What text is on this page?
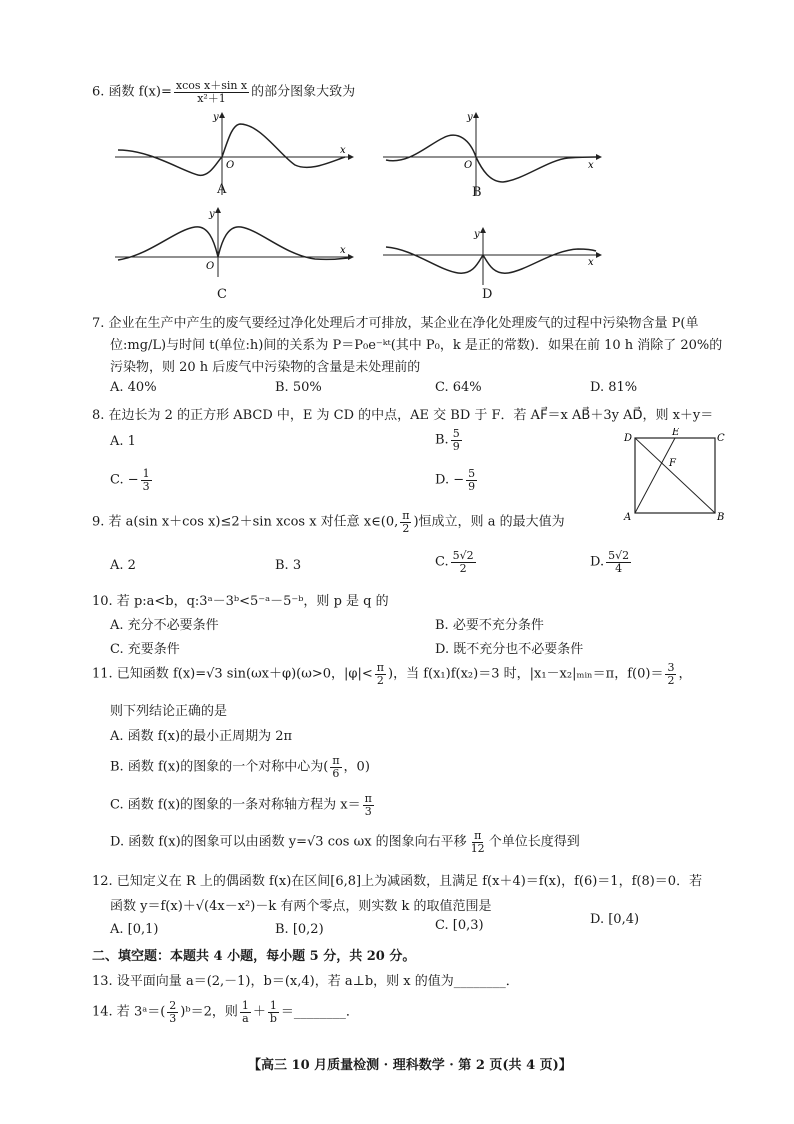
6. 函数 $f(x)= \frac{\text{xcos x＋sin x}}{\text{x²＋1}}$ 的部分图象大致为
y
x
O
A
y
x
O
B
y
x
O
C
y
x
D
7. 企业在生产中产生的废气要经过净化处理后才可排放，某企业在净化处理废气的过程中污染物含量 P(单
位:mg/L)与时间 t(单位:h)间的关系为 P＝P₀e⁻ᵏᵗ(其中 P₀，k 是正的常数)．如果在前 10 h 消除了 20%的
污染物，则 20 h 后废气中污染物的含量是未处理前的
A. 40%	B. 50%	C. 64%	D. 81%
8. 在边长为 2 的正方形 ABCD 中，E 为 CD 的中点，AE 交 BD 于 F．若 AF⃗＝x AB⃗＋3y AD⃗，则 x＋y＝
A. 1	B. $\frac{5}{9}$
C. − $\frac{1}{3}$	D. − $\frac{5}{9}$
D
E
C
F
A	B
9. 若 a(sin x＋cos x)≤2＋sin xcos x 对任意 x∈(0, $\frac{\pi}{2}$ )恒成立，则 a 的最大值为
A. 2	B. 3	C. $\frac{5√2}{2}$	D. $\frac{5√2}{4}$
10. 若 p:a<b，q:3ᵃ－3ᵇ<5⁻ᵃ－5⁻ᵇ，则 p 是 q 的
A. 充分不必要条件	B. 必要不充分条件
C. 充要条件	D. 既不充分也不必要条件
11. 已知函数 f(x)=√3 sin(ωx＋φ)(ω>0，$|\varphi|< \frac{\pi}{2}$ )，当 f(x₁)f(x₂)＝3 时，|x₁－x₂|ₘᵢₙ＝π，$f(0)= \frac{3}{2}$ ，
则下列结论正确的是
A. 函数 f(x)的最小正周期为 2π
B. 函数 f(x)的图象的一个对称中心为( $\frac{\pi}{6}$ ，0)
C. 函数 f(x)的图象的一条对称轴方程为 $x= \frac{\pi}{3}$
D. 函数 f(x)的图象可以由函数 y=√3 cos ωx 的图象向右平移 $\frac{\pi}{12}$ 个单位长度得到
12. 已知定义在 R 上的偶函数 f(x)在区间[6,8]上为减函数，且满足 f(x＋4)＝f(x)，f(6)＝1，f(8)＝0．若
函数 y＝f(x)＋√(4x－x²)－k 有两个零点，则实数 k 的取值范围是
A. [0,1)	B. [0,2)	C. [0,3)	D. [0,4)
二、填空题：本题共 4 小题，每小题 5 分，共 20 分。
13. 设平面向量 a＝(2,－1)，b＝(x,4)，若 a⊥b，则 x 的值为________．
14. 若 3ᵃ＝( $\frac{2}{3}$ )ᵇ＝2，则 $\frac{1}{a} + \frac{1}{b}$ ＝________．
【高三 10 月质量检测 · 理科数学 · 第 2 页(共 4 页)】
